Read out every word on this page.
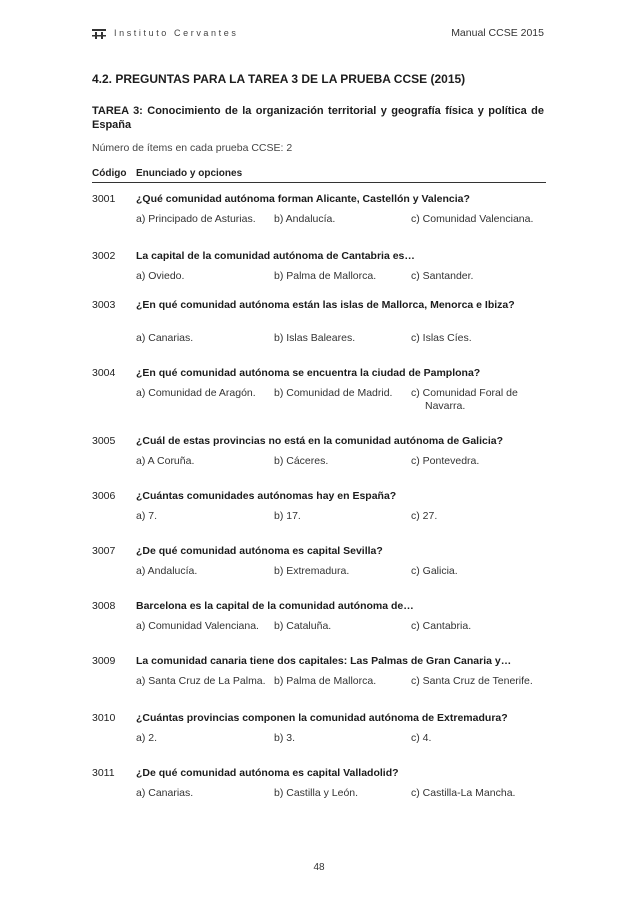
Instituto Cervantes	Manual CCSE 2015
4.2. PREGUNTAS PARA LA TAREA 3 DE LA PRUEBA CCSE (2015)
TAREA 3: Conocimiento de la organización territorial y geografía física y política de
España
Número de ítems en cada prueba CCSE: 2
Código Enunciado y opciones
3001 ¿Qué comunidad autónoma forman Alicante, Castellón y Valencia?
a) Principado de Asturias. b) Andalucía.	c) Comunidad Valenciana.
3002 La capital de la comunidad autónoma de Cantabria es…
a) Oviedo.	b) Palma de Mallorca.	c) Santander.
3003 ¿En qué comunidad autónoma están las islas de Mallorca, Menorca e Ibiza?
a) Canarias.	b) Islas Baleares.	c) Islas Cíes.
3004 ¿En qué comunidad autónoma se encuentra la ciudad de Pamplona?
a) Comunidad de Aragón. b) Comunidad de Madrid. c) Comunidad Foral de
Navarra.
3005 ¿Cuál de estas provincias no está en la comunidad autónoma de Galicia?
a) A Coruña.	b) Cáceres.	c) Pontevedra.
3006 ¿Cuántas comunidades autónomas hay en España?
a) 7.	b) 17.	c) 27.
3007 ¿De qué comunidad autónoma es capital Sevilla?
a) Andalucía.	b) Extremadura.	c) Galicia.
3008 Barcelona es la capital de la comunidad autónoma de…
a) Comunidad Valenciana. b) Cataluña.	c) Cantabria.
3009 La comunidad canaria tiene dos capitales: Las Palmas de Gran Canaria y…
a) Santa Cruz de La Palma. b) Palma de Mallorca.	c) Santa Cruz de Tenerife.
3010 ¿Cuántas provincias componen la comunidad autónoma de Extremadura?
a) 2.	b) 3.	c) 4.
3011 ¿De qué comunidad autónoma es capital Valladolid?
a) Canarias.	b) Castilla y León.	c) Castilla-La Mancha.
48
